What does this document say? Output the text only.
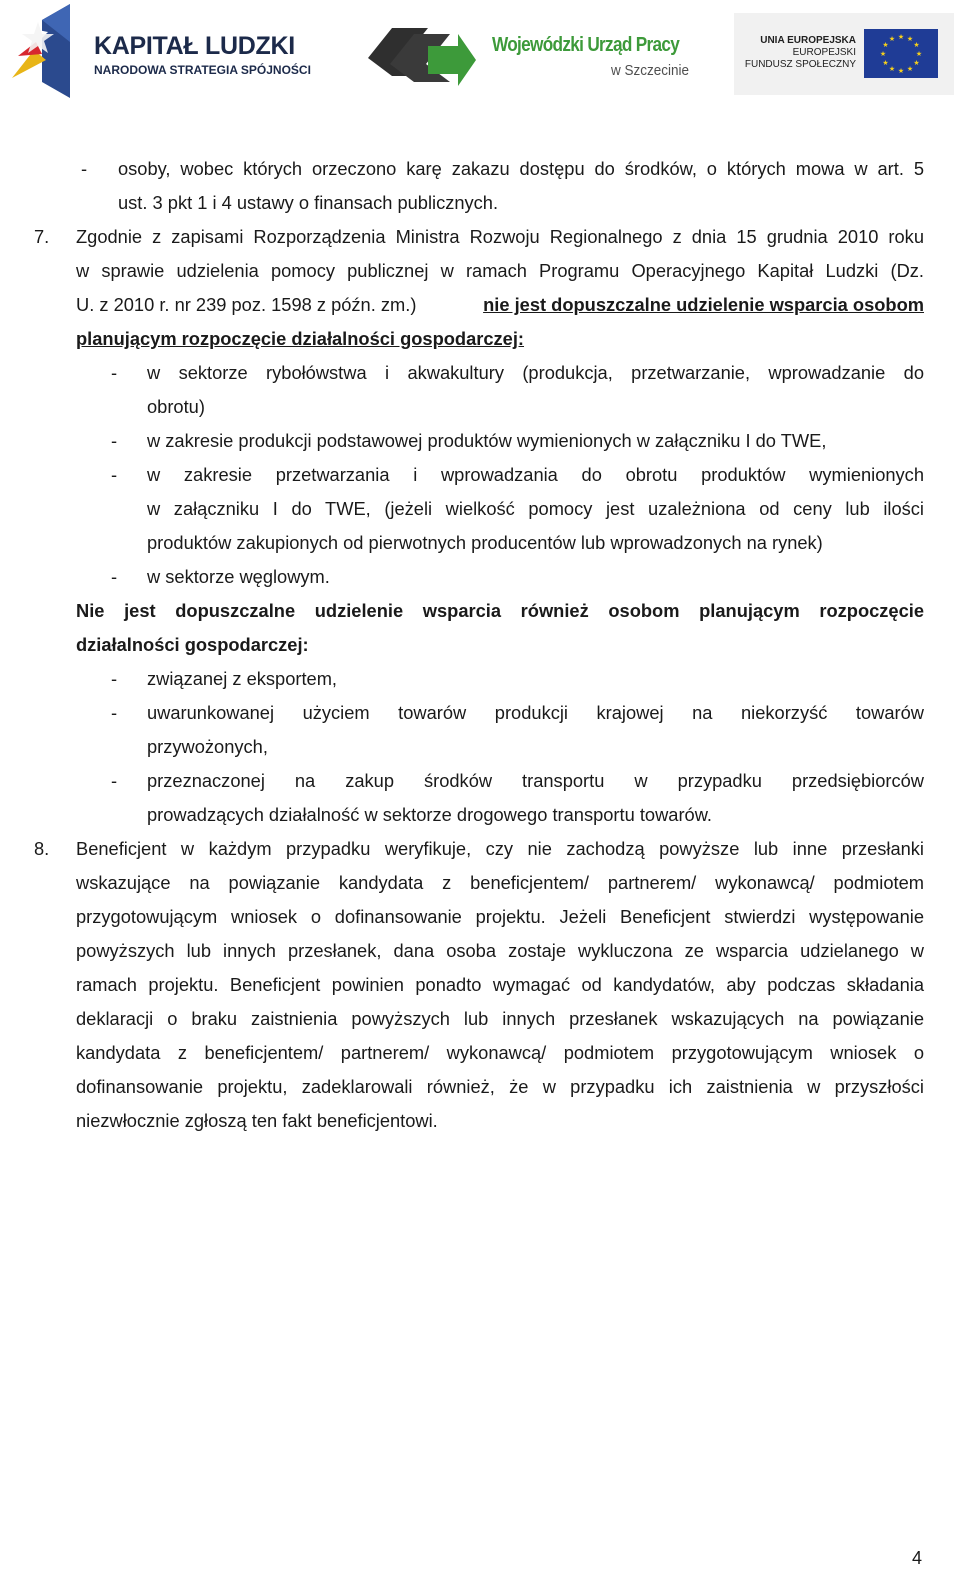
KAPITAŁ LUDZKI
NARODOWA STRATEGIA SPÓJNOŚCI
Wojewódzki Urząd Pracy
w Szczecinie
UNIA EUROPEJSKA
EUROPEJSKI
FUNDUSZ SPOŁECZNY
★ ★
★
★
★
★
★
★
★
★
★
★
- osoby, wobec których orzeczono karę zakazu dostępu do środków, o których mowa w art. 5
ust. 3 pkt 1 i 4 ustawy o finansach publicznych.
7. Zgodnie z zapisami Rozporządzenia Ministra Rozwoju Regionalnego z dnia 15 grudnia 2010 roku
w sprawie udzielenia pomocy publicznej w ramach Programu Operacyjnego Kapitał Ludzki (Dz.
U. z 2010 r. nr 239 poz. 1598 z późn. zm.)	nie jest dopuszczalne udzielenie wsparcia osobom
planującym rozpoczęcie działalności gospodarczej:
- w sektorze rybołówstwa i akwakultury (produkcja, przetwarzanie, wprowadzanie do
obrotu)
- w zakresie produkcji podstawowej produktów wymienionych w załączniku I do TWE,
- w zakresie przetwarzania i wprowadzania do obrotu produktów wymienionych
w załączniku I do TWE, (jeżeli wielkość pomocy jest uzależniona od ceny lub ilości
produktów zakupionych od pierwotnych producentów lub wprowadzonych na rynek)
- w sektorze węglowym.
Nie jest dopuszczalne udzielenie wsparcia również osobom planującym rozpoczęcie
działalności gospodarczej:
- związanej z eksportem,
- uwarunkowanej użyciem towarów produkcji krajowej na niekorzyść towarów
przywożonych,
- przeznaczonej na zakup środków transportu w przypadku przedsiębiorców
prowadzących działalność w sektorze drogowego transportu towarów.
8. Beneficjent w każdym przypadku weryfikuje, czy nie zachodzą powyższe lub inne przesłanki
wskazujące na powiązanie kandydata z beneficjentem/ partnerem/ wykonawcą/ podmiotem
przygotowującym wniosek o dofinansowanie projektu. Jeżeli Beneficjent stwierdzi występowanie
powyższych lub innych przesłanek, dana osoba zostaje wykluczona ze wsparcia udzielanego w
ramach projektu. Beneficjent powinien ponadto wymagać od kandydatów, aby podczas składania
deklaracji o braku zaistnienia powyższych lub innych przesłanek wskazujących na powiązanie
kandydata z beneficjentem/ partnerem/ wykonawcą/ podmiotem przygotowującym wniosek o
dofinansowanie projektu, zadeklarowali również, że w przypadku ich zaistnienia w przyszłości
niezwłocznie zgłoszą ten fakt beneficjentowi.
4
